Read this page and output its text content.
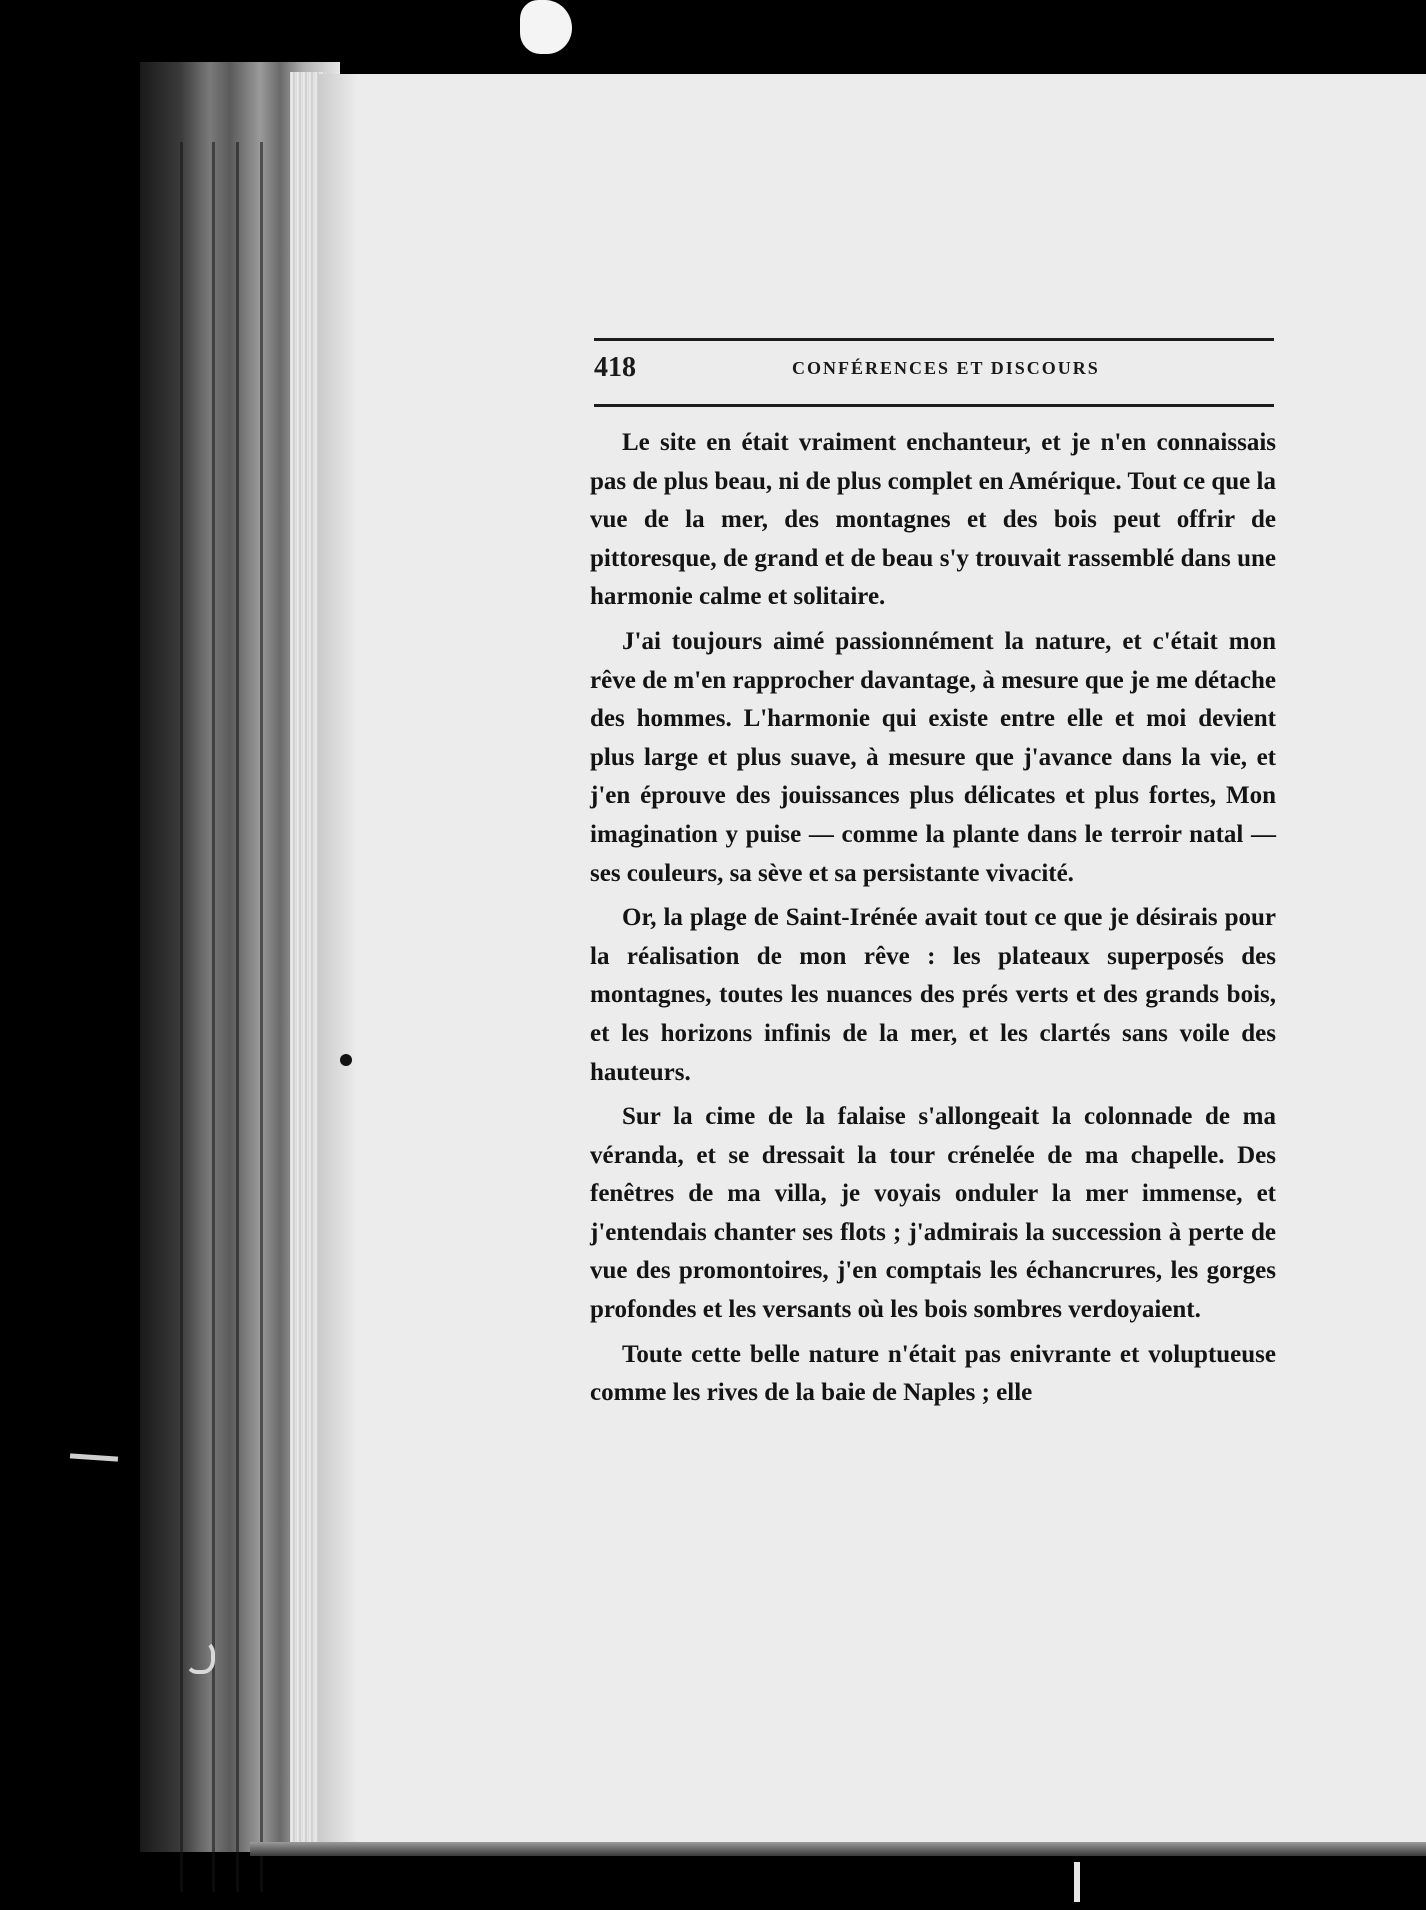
418	CONFÉRENCES ET DISCOURS

Le site en était vraiment enchanteur, et je n'en connaissais pas de plus beau, ni de plus complet en Amérique. Tout ce que la vue de la mer, des montagnes et des bois peut offrir de pittoresque, de grand et de beau s'y trouvait rassemblé dans une harmonie calme et solitaire.

J'ai toujours aimé passionnément la nature, et c'était mon rêve de m'en rapprocher davantage, à mesure que je me détache des hommes. L'harmonie qui existe entre elle et moi devient plus large et plus suave, à mesure que j'avance dans la vie, et j'en éprouve des jouissances plus délicates et plus fortes, Mon imagination y puise — comme la plante dans le terroir natal — ses couleurs, sa sève et sa persistante vivacité.

Or, la plage de Saint-Irénée avait tout ce que je désirais pour la réalisation de mon rêve : les plateaux superposés des montagnes, toutes les nuances des prés verts et des grands bois, et les horizons infinis de la mer, et les clartés sans voile des hauteurs.

Sur la cime de la falaise s'allongeait la colonnade de ma véranda, et se dressait la tour crénelée de ma chapelle. Des fenêtres de ma villa, je voyais onduler la mer immense, et j'entendais chanter ses flots ; j'admirais la succession à perte de vue des promontoires, j'en comptais les échancrures, les gorges profondes et les versants où les bois sombres verdoyaient.

Toute cette belle nature n'était pas enivrante et voluptueuse comme les rives de la baie de Naples ; elle
